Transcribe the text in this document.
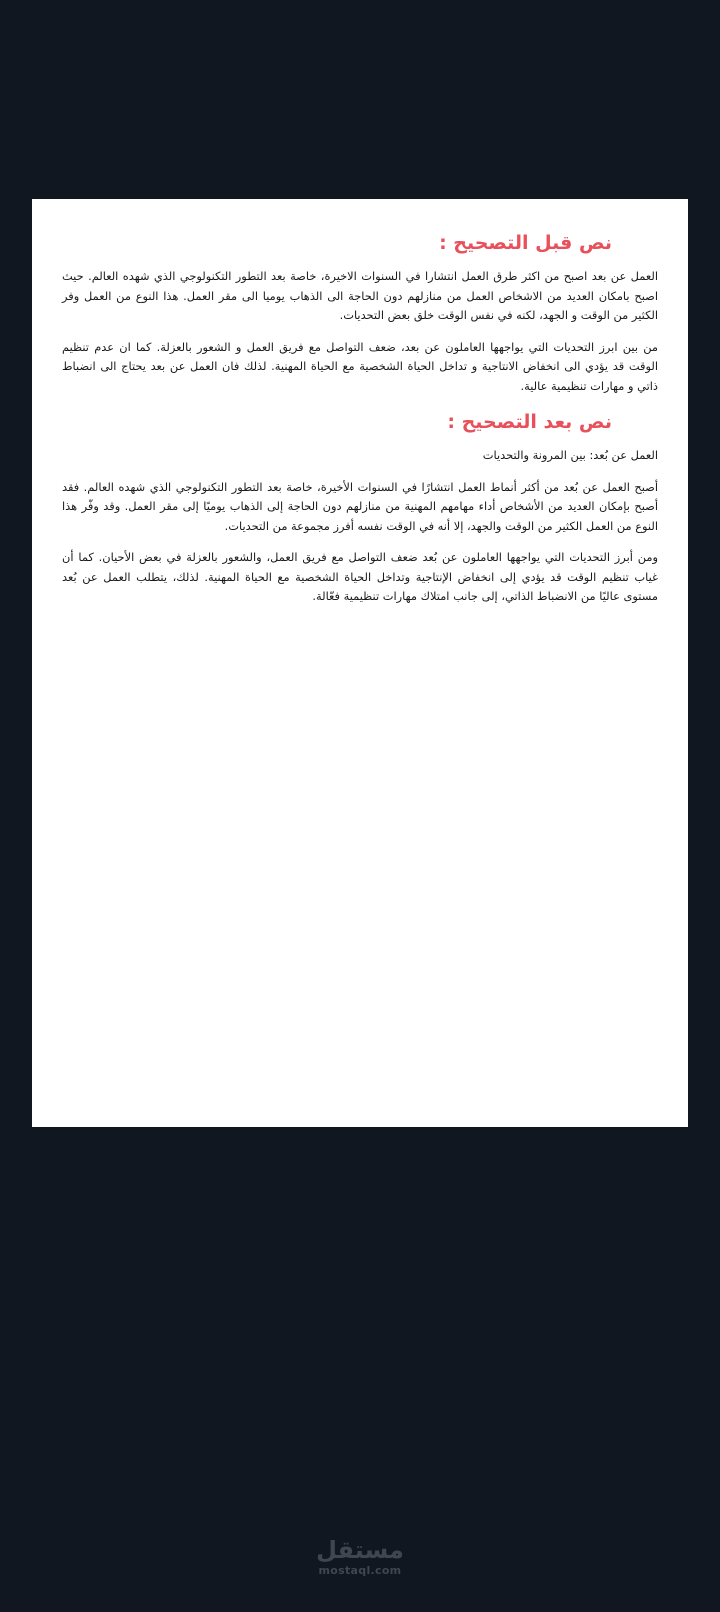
نص قبل التصحيح :

العمل عن بعد اصبح من اكثر طرق العمل انتشارا في السنوات الاخيرة، خاصة بعد التطور التكنولوجي الذي شهده العالم. حيث اصبح بامكان العديد من الاشخاص العمل من منازلهم دون الحاجة الى الذهاب يوميا الى مقر العمل. هذا النوع من العمل وفر الكثير من الوقت و الجهد، لكنه في نفس الوقت خلق بعض التحديات.

من بين ابرز التحديات التي يواجهها العاملون عن بعد، ضعف التواصل مع فريق العمل و الشعور بالعزلة. كما ان عدم تنظيم الوقت قد يؤدي الى انخفاض الانتاجية و تداخل الحياة الشخصية مع الحياة المهنية. لذلك فان العمل عن بعد يحتاج الى انضباط ذاتي و مهارات تنظيمية عالية.

نص بعد التصحيح :

العمل عن بُعد: بين المرونة والتحديات

أصبح العمل عن بُعد من أكثر أنماط العمل انتشارًا في السنوات الأخيرة، خاصة بعد التطور التكنولوجي الذي شهده العالم. فقد أصبح بإمكان العديد من الأشخاص أداء مهامهم المهنية من منازلهم دون الحاجة إلى الذهاب يوميًا إلى مقر العمل. وقد وفّر هذا النوع من العمل الكثير من الوقت والجهد، إلا أنه في الوقت نفسه أفرز مجموعة من التحديات.

ومن أبرز التحديات التي يواجهها العاملون عن بُعد ضعف التواصل مع فريق العمل، والشعور بالعزلة في بعض الأحيان. كما أن غياب تنظيم الوقت قد يؤدي إلى انخفاض الإنتاجية وتداخل الحياة الشخصية مع الحياة المهنية. لذلك، يتطلب العمل عن بُعد مستوى عاليًا من الانضباط الذاتي، إلى جانب امتلاك مهارات تنظيمية فعّالة.

مستقل
mostaql.com
